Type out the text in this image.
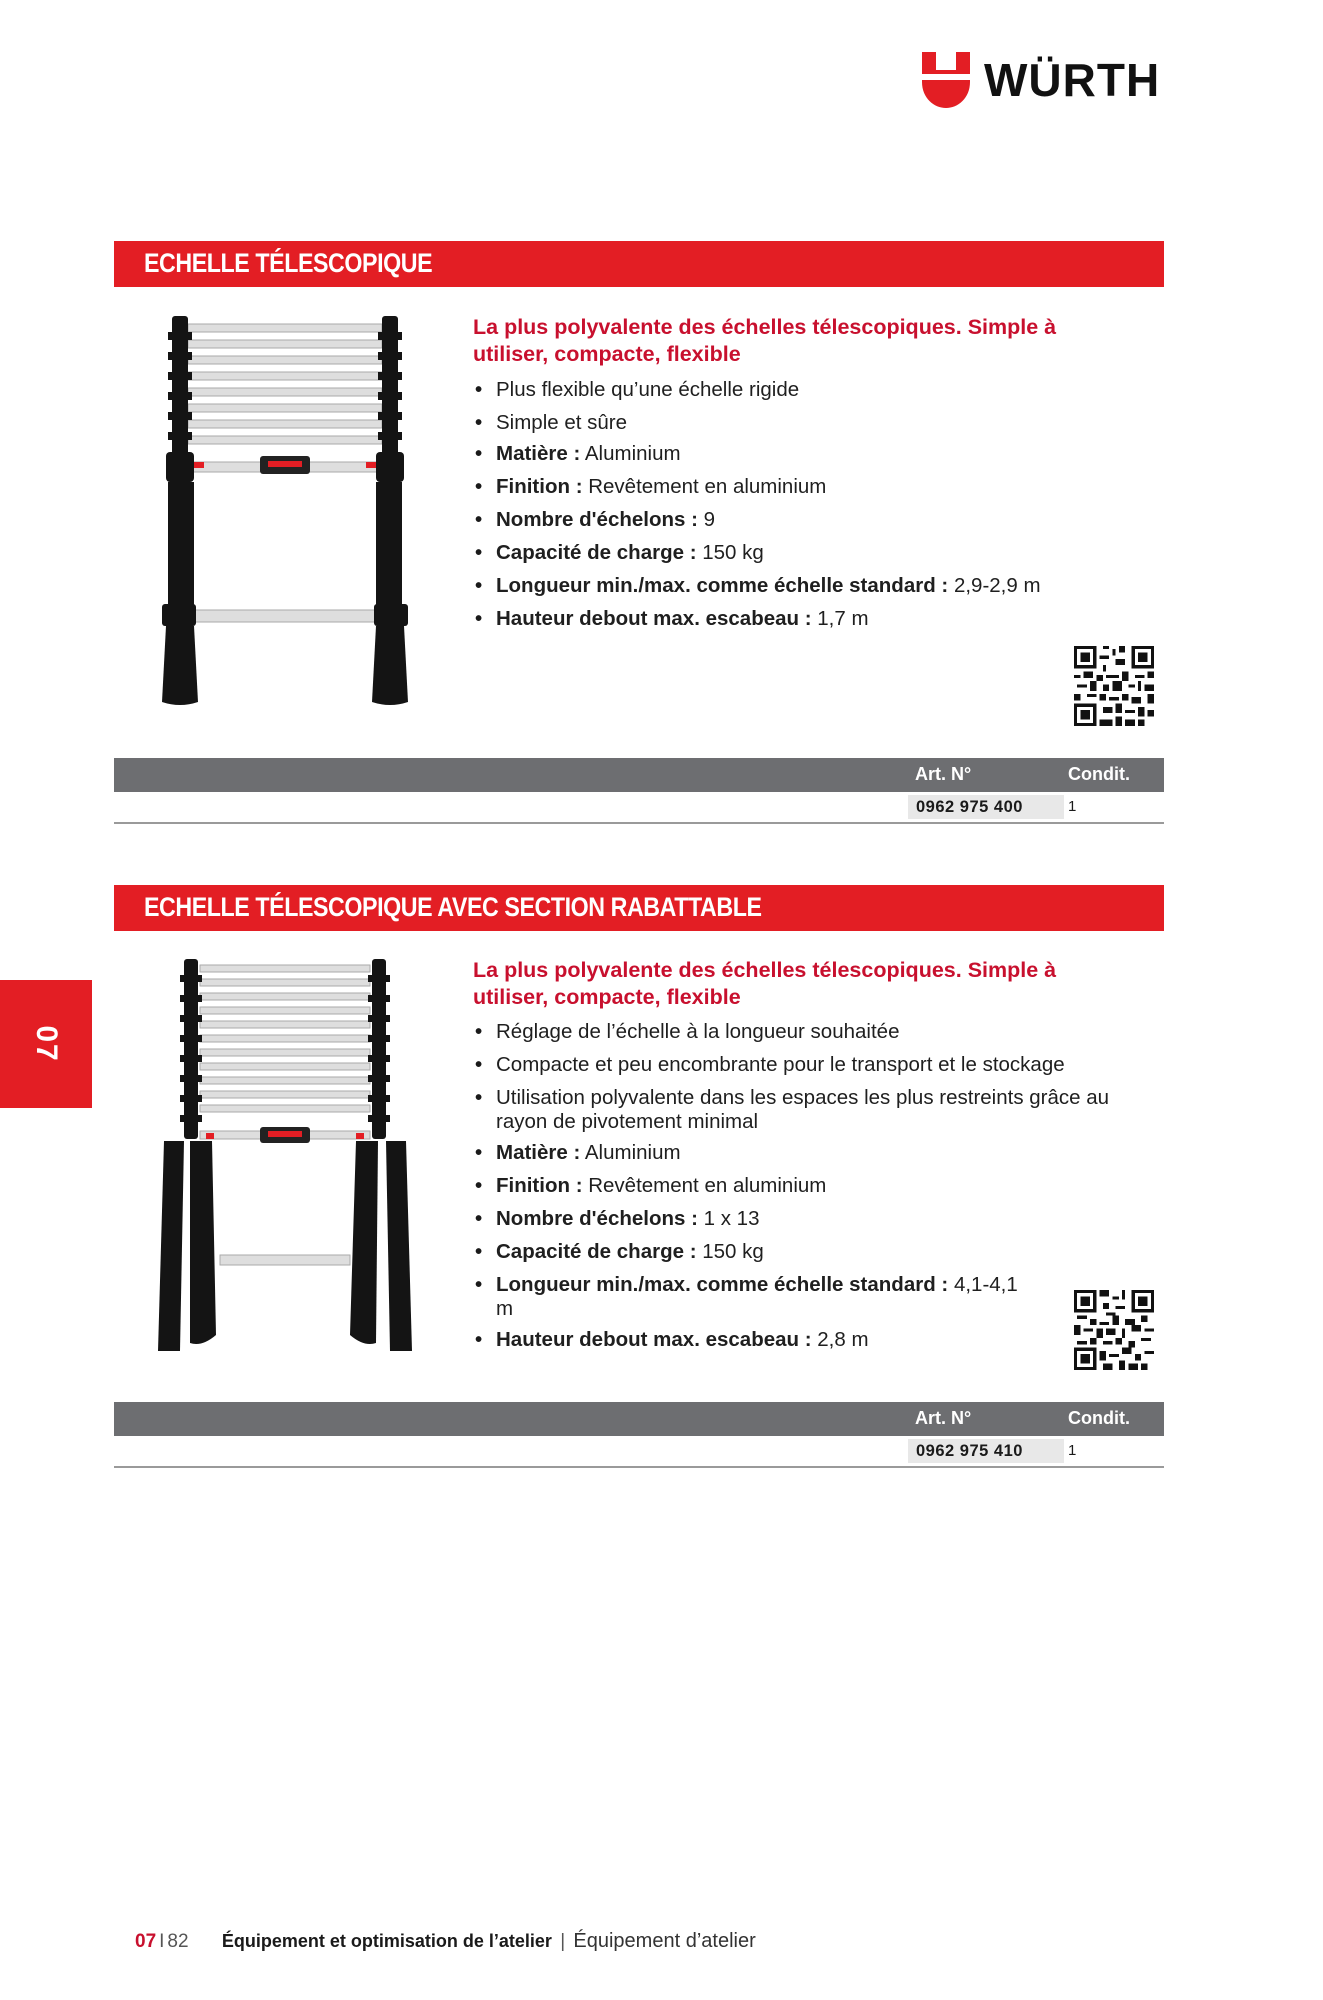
WÜRTH
ECHELLE TÉLESCOPIQUE
La plus polyvalente des échelles télescopiques. Simple à utiliser, compacte, flexible
• Plus flexible qu’une échelle rigide
• Simple et sûre
• Matière : Aluminium
• Finition : Revêtement en aluminium
• Nombre d'échelons : 9
• Capacité de charge : 150 kg
• Longueur min./max. comme échelle standard : 2,9-2,9 m
• Hauteur debout max. escabeau : 1,7 m
Art. N°	Condit.
0962 975 400	1
ECHELLE TÉLESCOPIQUE AVEC SECTION RABATTABLE
La plus polyvalente des échelles télescopiques. Simple à utiliser, compacte, flexible
• Réglage de l’échelle à la longueur souhaitée
• Compacte et peu encombrante pour le transport et le stockage
• Utilisation polyvalente dans les espaces les plus restreints grâce au rayon de pivotement minimal
• Matière : Aluminium
• Finition : Revêtement en aluminium
• Nombre d'échelons : 1 x 13
• Capacité de charge : 150 kg
• Longueur min./max. comme échelle standard : 4,1-4,1 m
• Hauteur debout max. escabeau : 2,8 m
Art. N°	Condit.
0962 975 410	1
07
07 I 82 Équipement et optimisation de l’atelier | Équipement d’atelier
